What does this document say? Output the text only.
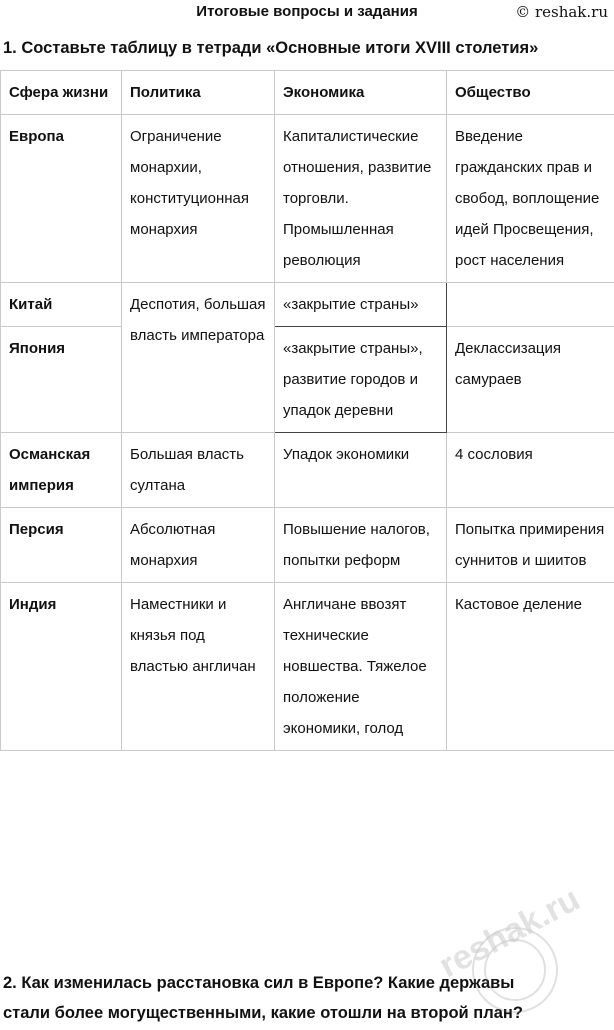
Итоговые вопросы и задания	© reshak.ru
1. Составьте таблицу в тетради «Основные итоги XVIII столетия»
Сфера жизни	Политика	Экономика	Общество
Европа	Ограничение монархии, конституционная монархия	Капиталистические отношения, развитие торговли. Промышленная революция	Введение гражданских прав и свобод, воплощение идей Просвещения, рост населения
Китай	Деспотия, большая власть императора	«закрытие страны»	
Япония		«закрытие страны», развитие городов и упадок деревни	Деклассизация самураев
Османская империя	Большая власть султана	Упадок экономики	4 сословия
Персия	Абсолютная монархия	Повышение налогов, попытки реформ	Попытка примирения суннитов и шиитов
Индия	Наместники и князья под властью англичан	Англичане ввозят технические новшества. Тяжелое положение экономики, голод	Кастовое деление
2. Как изменилась расстановка сил в Европе? Какие державы
стали более могущественными, какие отошли на второй план?
reshak.ru
